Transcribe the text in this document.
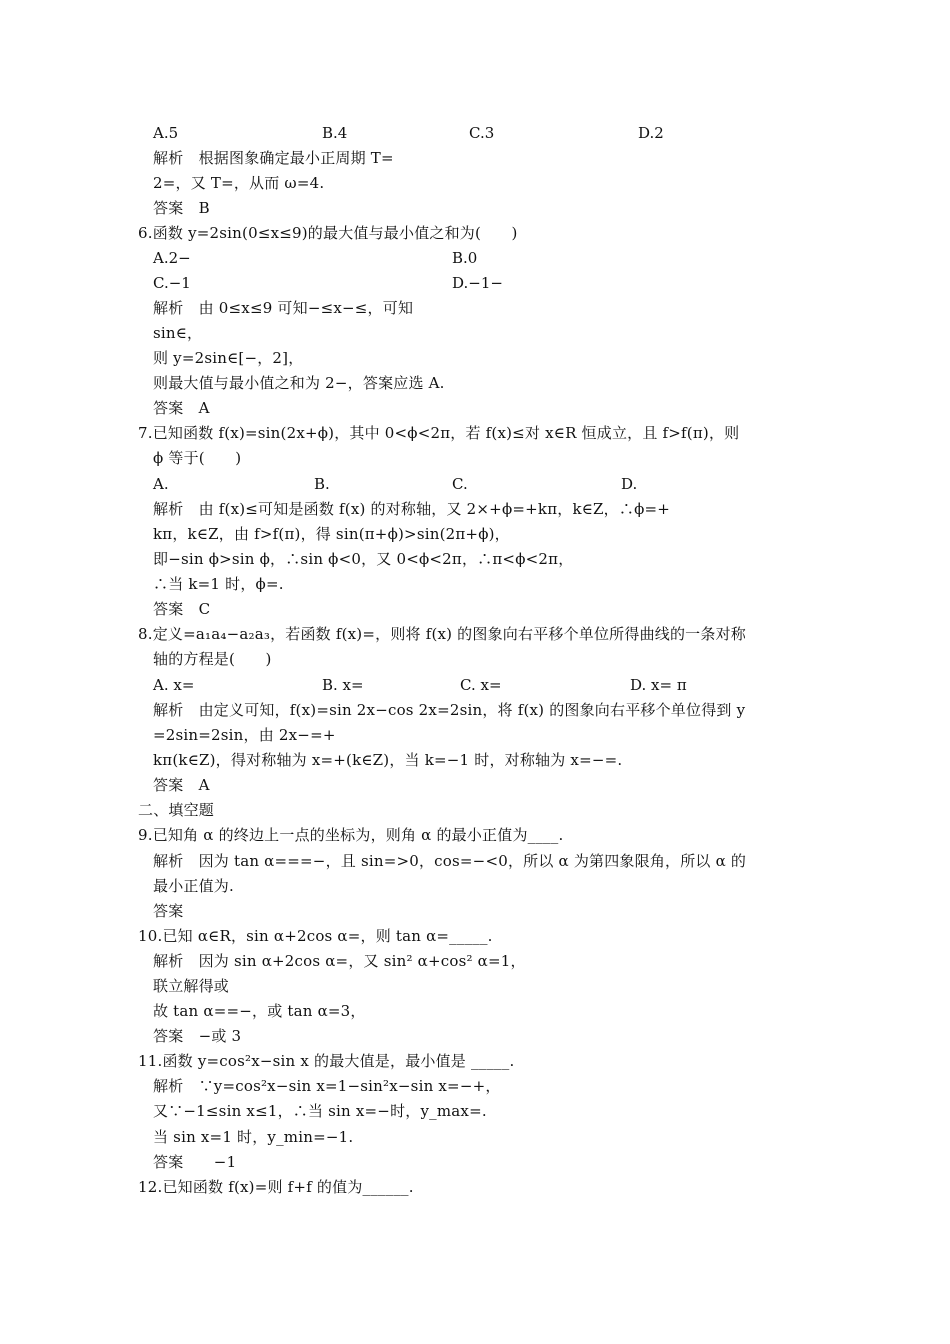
A.5	B.4	C.3	D.2
解析　根据图象确定最小正周期 T=
2=，又 T=，从而 ω=4.
答案　B
6.函数 y=2sin(0≤x≤9)的最大值与最小值之和为(　　)
A.2−	B.0
C.−1	D.−1−
解析　由 0≤x≤9 可知−≤x−≤，可知
sin∈，
则 y=2sin∈[−，2]，
则最大值与最小值之和为 2−，答案应选 A.
答案　A
7.已知函数 f(x)=sin(2x+ϕ)，其中 0<ϕ<2π，若 f(x)≤对 x∈R 恒成立，且 f>f(π)，则
ϕ 等于(　　)
A.	B.	C.	D.
解析　由 f(x)≤可知是函数 f(x) 的对称轴，又 2×+ϕ=+kπ，k∈Z，∴ϕ=+
kπ，k∈Z，由 f>f(π)，得 sin(π+ϕ)>sin(2π+ϕ)，
即−sin ϕ>sin ϕ，∴sin ϕ<0，又 0<ϕ<2π，∴π<ϕ<2π，
∴当 k=1 时，ϕ=.
答案　C
8.定义=a₁a₄−a₂a₃，若函数 f(x)=，则将 f(x) 的图象向右平移个单位所得曲线的一条对称
轴的方程是(　　)
A. x=	B. x=	C. x=	D. x= π
解析　由定义可知，f(x)=sin 2x−cos 2x=2sin，将 f(x) 的图象向右平移个单位得到 y
=2sin=2sin，由 2x−=+
kπ(k∈Z)，得对称轴为 x=+(k∈Z)，当 k=−1 时，对称轴为 x=−=.
答案　A
二、填空题
9.已知角 α 的终边上一点的坐标为，则角 α 的最小正值为____.
解析　因为 tan α===−，且 sin=>0，cos=−<0，所以 α 为第四象限角，所以 α 的
最小正值为.
答案
10.已知 α∈R，sin α+2cos α=，则 tan α=_____.
解析　因为 sin α+2cos α=，又 sin² α+cos² α=1，
联立解得或
故 tan α==−，或 tan α=3，
答案　−或 3
11.函数 y=cos²x−sin x 的最大值是，最小值是 _____.
解析　∵y=cos²x−sin x=1−sin²x−sin x=−+，
又∵−1≤sin x≤1，∴当 sin x=−时，y_max=.
当 sin x=1 时，y_min=−1.
答案　　−1
12.已知函数 f(x)=则 f+f 的值为______.
